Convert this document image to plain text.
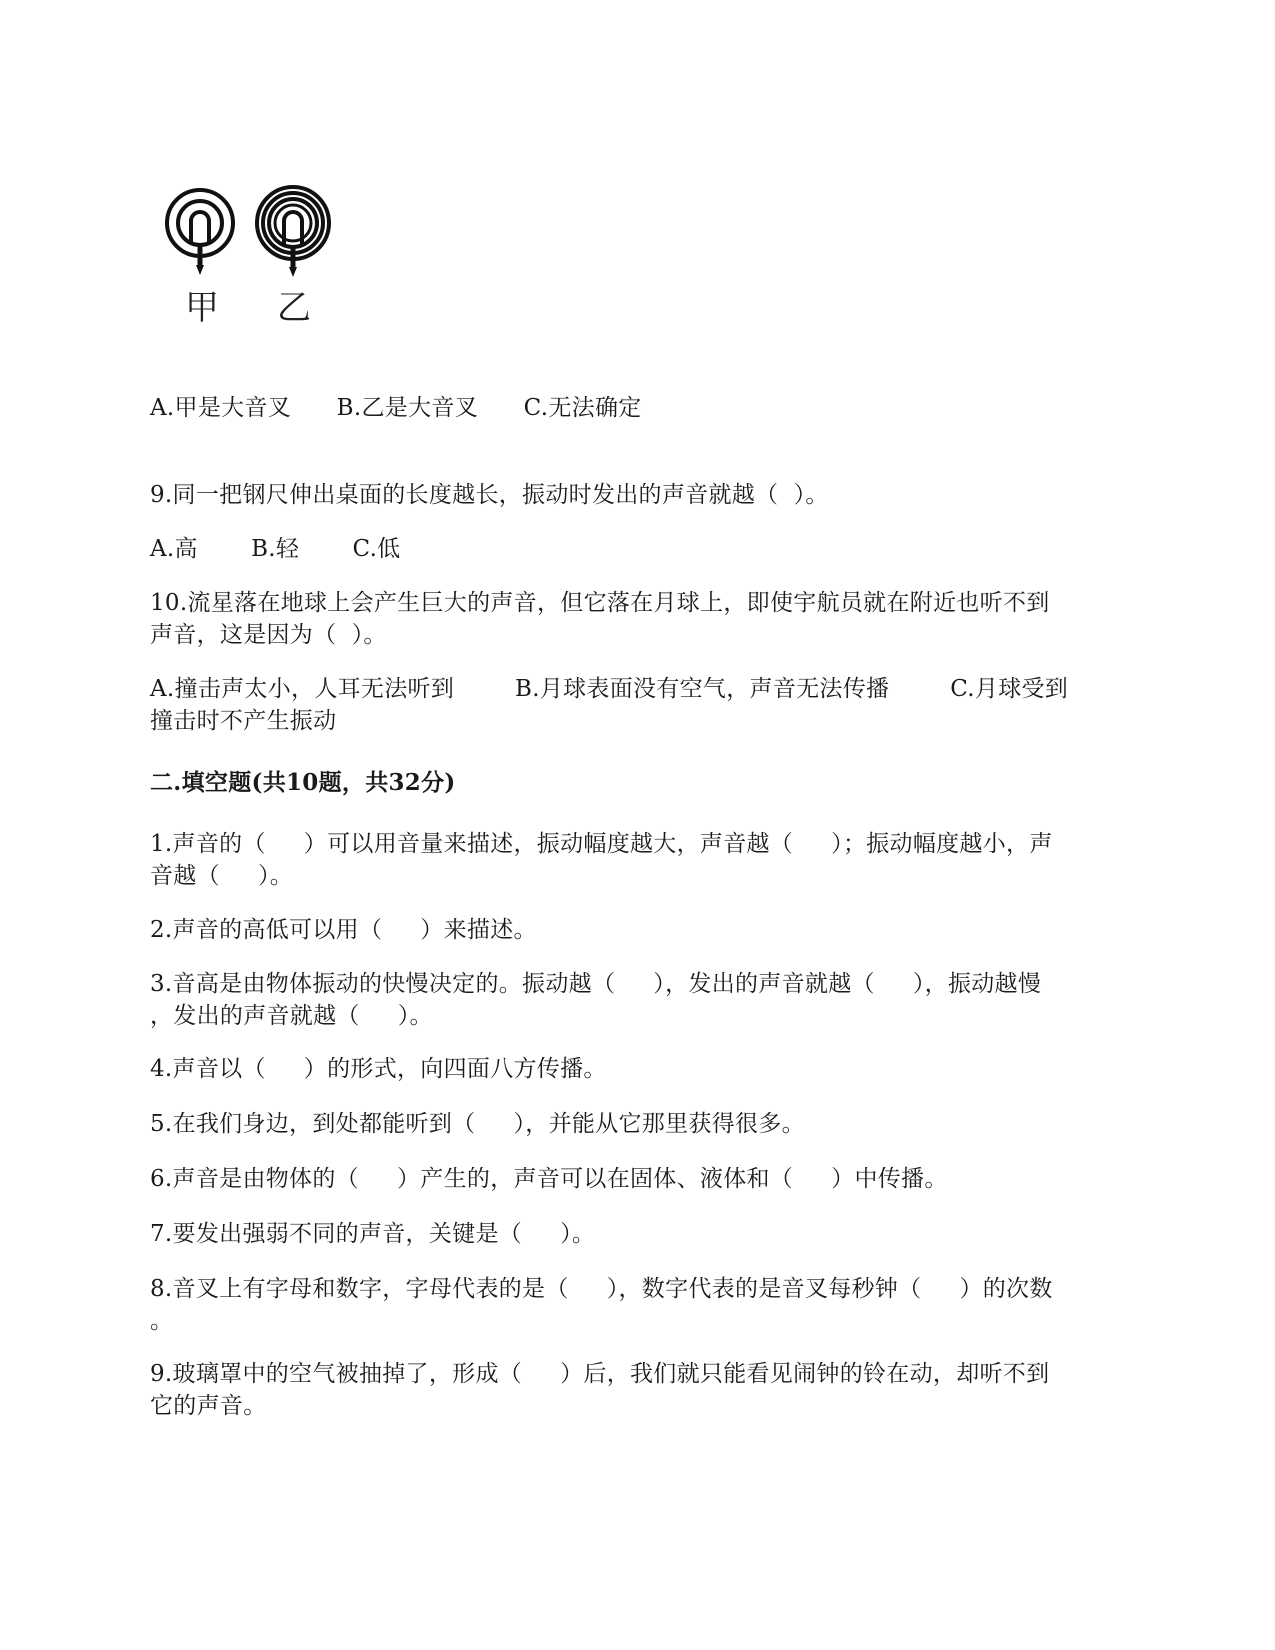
甲 乙
A.甲是大音叉      B.乙是大音叉      C.无法确定
9.同一把钢尺伸出桌面的长度越长，振动时发出的声音就越（  ）。
A.高       B.轻       C.低
10.流星落在地球上会产生巨大的声音，但它落在月球上，即使宇航员就在附近也听不到
声音，这是因为（  ）。
A.撞击声太小，人耳无法听到        B.月球表面没有空气，声音无法传播        C.月球受到
撞击时不产生振动
二.填空题(共10题，共32分)
1.声音的（     ）可以用音量来描述，振动幅度越大，声音越（     ）；振动幅度越小，声
音越（     ）。
2.声音的高低可以用（     ）来描述。
3.音高是由物体振动的快慢决定的。振动越（     ），发出的声音就越（     ），振动越慢
，发出的声音就越（     ）。
4.声音以（     ）的形式，向四面八方传播。
5.在我们身边，到处都能听到（     ），并能从它那里获得很多。
6.声音是由物体的（     ）产生的，声音可以在固体、液体和（     ）中传播。
7.要发出强弱不同的声音，关键是（     ）。
8.音叉上有字母和数字，字母代表的是（     ），数字代表的是音叉每秒钟（     ）的次数
。
9.玻璃罩中的空气被抽掉了，形成（     ）后，我们就只能看见闹钟的铃在动，却听不到
它的声音。
